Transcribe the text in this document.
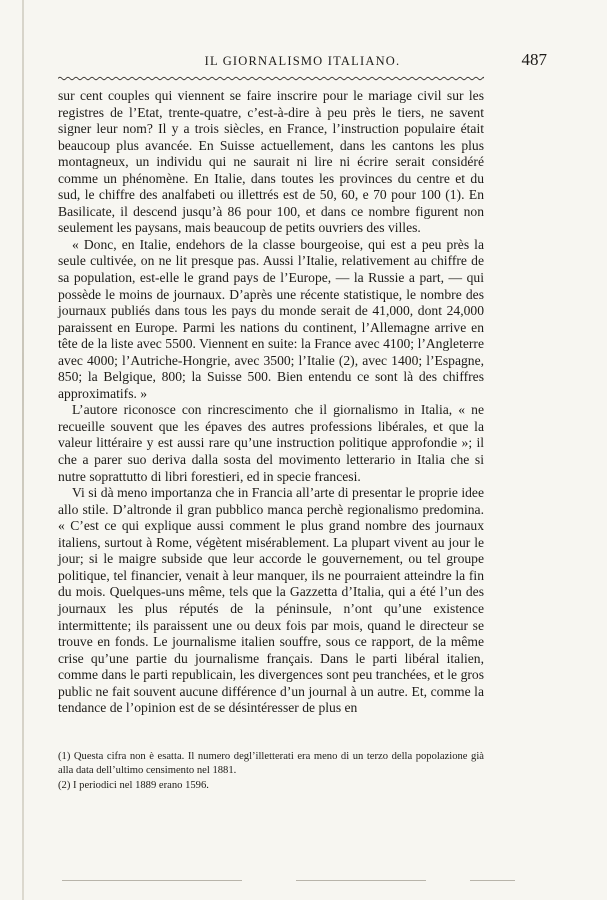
IL GIORNALISMO ITALIANO.	487

sur cent couples qui viennent se faire inscrire pour le mariage civil sur les registres de l’Etat, trente-quatre, c’est-à-dire à peu près le tiers, ne savent signer leur nom? Il y a trois siècles, en France, l’instruction populaire était beaucoup plus avancée. En Suisse actuellement, dans les cantons les plus montagneux, un individu qui ne saurait ni lire ni écrire serait considéré comme un phénomène. En Italie, dans toutes les provinces du centre et du sud, le chiffre des analfabeti ou illettrés est de 50, 60, e 70 pour 100 (1). En Basilicate, il descend jusqu’à 86 pour 100, et dans ce nombre figurent non seulement les paysans, mais beaucoup de petits ouvriers des villes.

« Donc, en Italie, endehors de la classe bourgeoise, qui est a peu près la seule cultivée, on ne lit presque pas. Aussi l’Italie, relativement au chiffre de sa population, est-elle le grand pays de l’Europe, — la Russie a part, — qui possède le moins de journaux. D’après une récente statistique, le nombre des journaux publiés dans tous les pays du monde serait de 41,000, dont 24,000 paraissent en Europe. Parmi les nations du continent, l’Allemagne arrive en tête de la liste avec 5500. Viennent en suite: la France avec 4100; l’Angleterre avec 4000; l’Autriche-Hongrie, avec 3500; l’Italie (2), avec 1400; l’Espagne, 850; la Belgique, 800; la Suisse 500. Bien entendu ce sont là des chiffres approximatifs. »

L’autore riconosce con rincrescimento che il giornalismo in Italia, « ne recueille souvent que les épaves des autres professions libérales, et que la valeur littéraire y est aussi rare qu’une instruction politique approfondie »; il che a parer suo deriva dalla sosta del movimento letterario in Italia che si nutre soprattutto di libri forestieri, ed in specie francesi.

Vi si dà meno importanza che in Francia all’arte di presentar le proprie idee allo stile. D’altronde il gran pubblico manca perchè regionalismo predomina. « C’est ce qui explique aussi comment le plus grand nombre des journaux italiens, surtout à Rome, végètent misérablement. La plupart vivent au jour le jour; si le maigre subside que leur accorde le gouvernement, ou tel groupe politique, tel financier, venait à leur manquer, ils ne pourraient atteindre la fin du mois. Quelques-uns même, tels que la Gazzetta d’Italia, qui a été l’un des journaux les plus réputés de la péninsule, n’ont qu’une existence intermittente; ils paraissent une ou deux fois par mois, quand le directeur se trouve en fonds. Le journalisme italien souffre, sous ce rapport, de la même crise qu’une partie du journalisme français. Dans le parti libéral italien, comme dans le parti republicain, les divergences sont peu tranchées, et le gros public ne fait souvent aucune différence d’un journal à un autre. Et, comme la tendance de l’opinion est de se désintéresser de plus en

(1) Questa cifra non è esatta. Il numero degl’illetterati era meno di un terzo della popolazione già alla data dell’ultimo censimento nel 1881.

(2) I periodici nel 1889 erano 1596.
